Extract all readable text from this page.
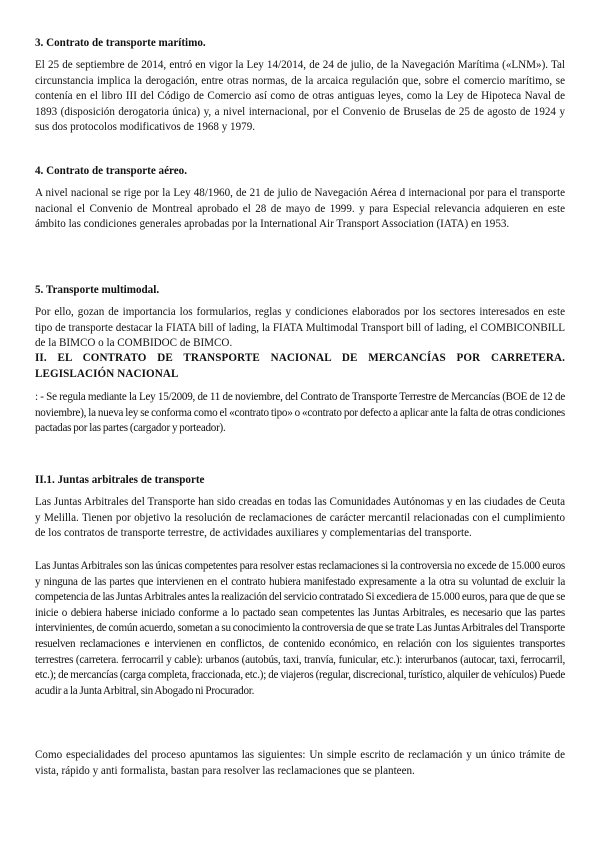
3. Contrato de transporte marítimo.

El 25 de septiembre de 2014, entró en vigor la Ley 14/2014, de 24 de julio, de la Navegación Marítima («LNM»). Tal circunstancia implica la derogación, entre otras normas, de la arcaica regulación que, sobre el comercio marítimo, se contenía en el libro III del Código de Comercio así como de otras antiguas leyes, como la Ley de Hipoteca Naval de 1893 (disposición derogatoria única) y, a nivel internacional, por el Convenio de Bruselas de 25 de agosto de 1924 y sus dos protocolos modificativos de 1968 y 1979.

4. Contrato de transporte aéreo.

A nivel nacional se rige por la Ley 48/1960, de 21 de julio de Navegación Aérea d internacional por para el transporte nacional el Convenio de Montreal aprobado el 28 de mayo de 1999. y para Especial relevancia adquieren en este ámbito las condiciones generales aprobadas por la International Air Transport Association (IATA) en 1953.

5. Transporte multimodal.

Por ello, gozan de importancia los formularios, reglas y condiciones elaborados por los sectores interesados en este tipo de transporte destacar la FIATA bill of lading, la FIATA Multimodal Transport bill of lading, el COMBICONBILL de la BIMCO o la COMBIDOC de BIMCO.

II. EL CONTRATO DE TRANSPORTE NACIONAL DE MERCANCÍAS POR CARRETERA. LEGISLACIÓN NACIONAL

: - Se regula mediante la Ley 15/2009, de 11 de noviembre, del Contrato de Transporte Terrestre de Mercancías (BOE de 12 de noviembre), la nueva ley se conforma como el «contrato tipo» o «contrato por defecto a aplicar ante la falta de otras condiciones pactadas por las partes (cargador y porteador).

II.1. Juntas arbitrales de transporte

Las Juntas Arbitrales del Transporte han sido creadas en todas las Comunidades Autónomas y en las ciudades de Ceuta y Melilla. Tienen por objetivo la resolución de reclamaciones de carácter mercantil relacionadas con el cumplimiento de los contratos de transporte terrestre, de actividades auxiliares y complementarias del transporte.

Las Juntas Arbitrales son las únicas competentes para resolver estas reclamaciones si la controversia no excede de 15.000 euros y ninguna de las partes que intervienen en el contrato hubiera manifestado expresamente a la otra su voluntad de excluir la competencia de las Juntas Arbitrales antes la realización del servicio contratado Si excediera de 15.000 euros, para que de que se inicie o debiera haberse iniciado conforme a lo pactado sean competentes las Juntas Arbitrales, es necesario que las partes intervinientes, de común acuerdo, sometan a su conocimiento la controversia de que se trate Las Juntas Arbitrales del Transporte resuelven reclamaciones e intervienen en conflictos, de contenido económico, en relación con los siguientes transportes terrestres (carretera. ferrocarril y cable): urbanos (autobús, taxi, tranvía, funicular, etc.): interurbanos (autocar, taxi, ferrocarril, etc.); de mercancías (carga completa, fraccionada, etc.); de viajeros (regular, discrecional, turístico, alquiler de vehículos) Puede acudir a la Junta Arbitral, sin Abogado ni Procurador.

Como especialidades del proceso apuntamos las siguientes: Un simple escrito de reclamación y un único trámite de vista, rápido y anti formalista, bastan para resolver las reclamaciones que se planteen.
